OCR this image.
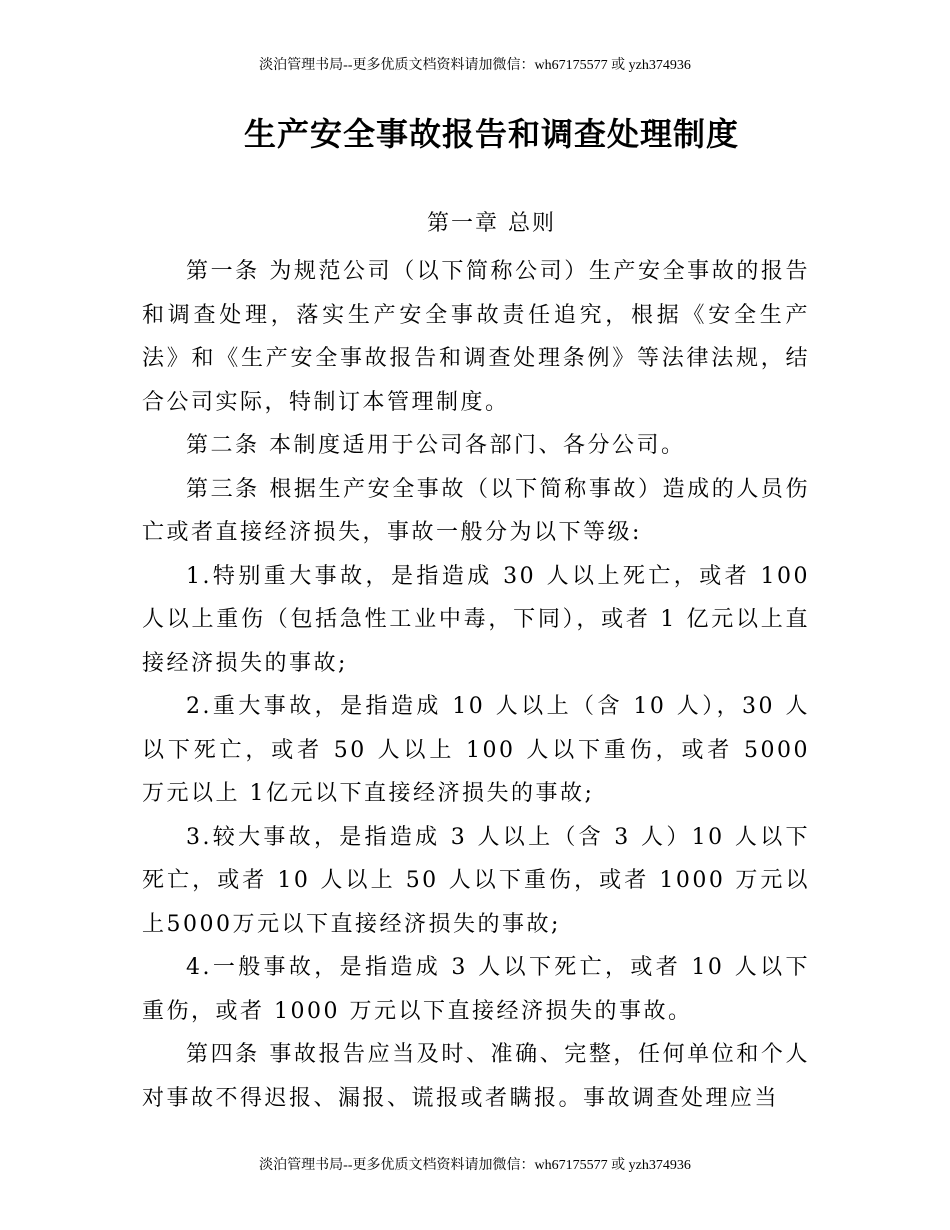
淡泊管理书局--更多优质文档资料请加微信：wh67175577 或 yzh374936
生产安全事故报告和调查处理制度
第一章 总则

第一条 为规范公司（以下简称公司）生产安全事故的报告和调查处理，落实生产安全事故责任追究，根据《安全生产法》和《生产安全事故报告和调查处理条例》等法律法规，结合公司实际，特制订本管理制度。

第二条 本制度适用于公司各部门、各分公司。

第三条 根据生产安全事故（以下简称事故）造成的人员伤亡或者直接经济损失，事故一般分为以下等级:

1.特别重大事故，是指造成 30 人以上死亡，或者 100人以上重伤（包括急性工业中毒，下同），或者 1 亿元以上直接经济损失的事故;

2.重大事故，是指造成 10 人以上（含 10 人），30 人以下死亡，或者 50 人以上 100 人以下重伤，或者 5000 万元以上 1亿元以下直接经济损失的事故;

3.较大事故，是指造成 3 人以上（含 3 人）10 人以下死亡，或者 10 人以上 50 人以下重伤，或者 1000 万元以上5000万元以下直接经济损失的事故;

4.一般事故，是指造成 3 人以下死亡，或者 10 人以下重伤，或者 1000 万元以下直接经济损失的事故。

第四条 事故报告应当及时、准确、完整，任何单位和个人对事故不得迟报、漏报、谎报或者瞒报。事故调查处理应当

淡泊管理书局--更多优质文档资料请加微信：wh67175577 或 yzh374936
